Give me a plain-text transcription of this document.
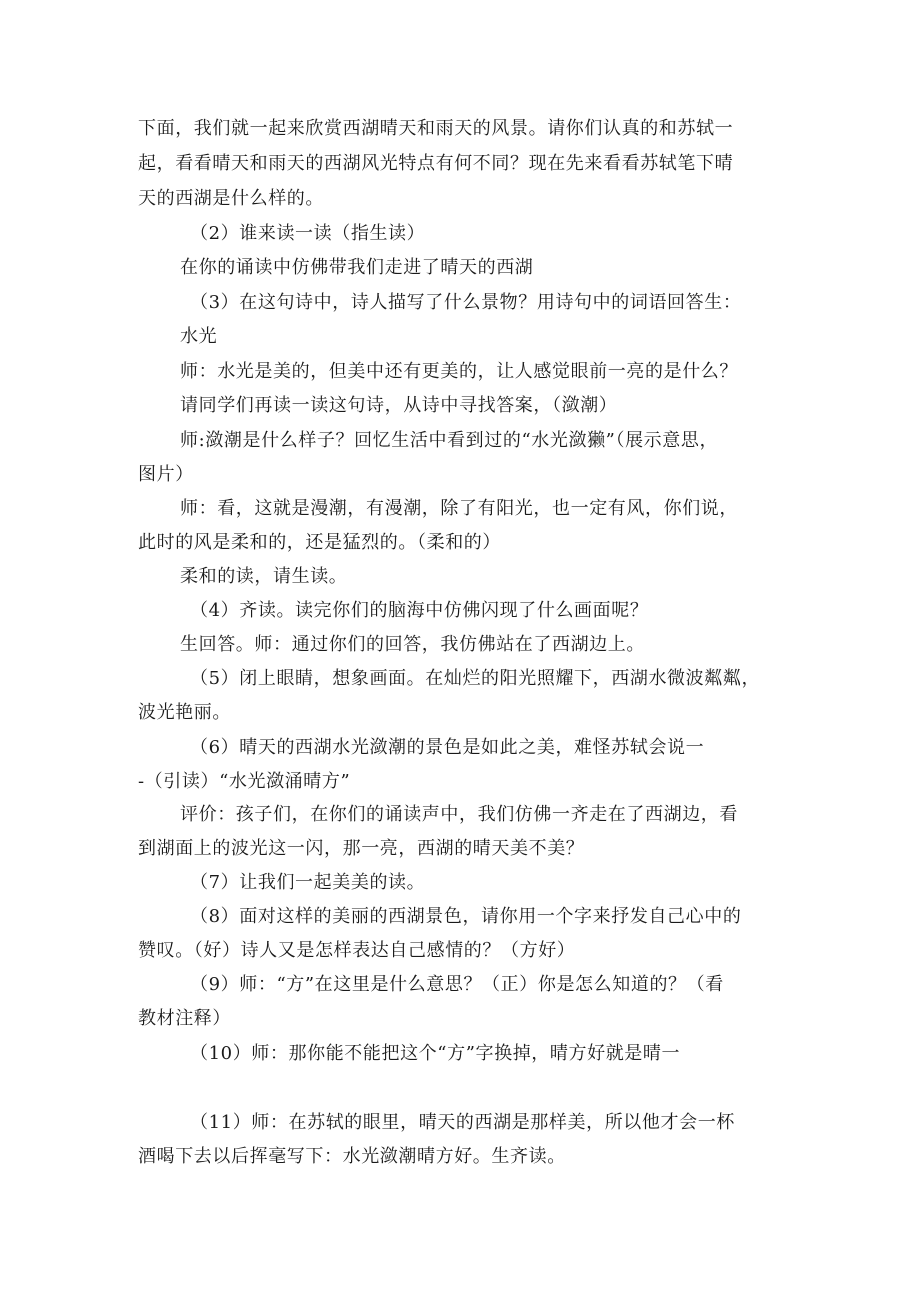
下面，我们就一起来欣赏西湖晴天和雨天的风景。请你们认真的和苏轼一
起，看看晴天和雨天的西湖风光特点有何不同？现在先来看看苏轼笔下晴
天的西湖是什么样的。
（2）谁来读一读（指生读）
在你的诵读中仿佛带我们走进了晴天的西湖
（3）在这句诗中，诗人描写了什么景物？用诗句中的词语回答生：
水光
师：水光是美的，但美中还有更美的，让人感觉眼前一亮的是什么？
请同学们再读一读这句诗，从诗中寻找答案，（潋潮）
师:潋潮是什么样子？回忆生活中看到过的“水光潋獭”（展示意思，
图片）
师：看，这就是漫潮，有漫潮，除了有阳光，也一定有风，你们说，
此时的风是柔和的，还是猛烈的。（柔和的）
柔和的读，请生读。
（4）齐读。读完你们的脑海中仿佛闪现了什么画面呢？
生回答。师：通过你们的回答，我仿佛站在了西湖边上。
（5）闭上眼睛，想象画面。在灿烂的阳光照耀下，西湖水微波粼粼，
波光艳丽。
（6）晴天的西湖水光潋潮的景色是如此之美，难怪苏轼会说一
-（引读）“水光潋涌晴方”
评价：孩子们，在你们的诵读声中，我们仿佛一齐走在了西湖边，看
到湖面上的波光这一闪，那一亮，西湖的晴天美不美？
（7）让我们一起美美的读。
（8）面对这样的美丽的西湖景色，请你用一个字来抒发自己心中的
赞叹。（好）诗人又是怎样表达自己感情的？（方好）
（9）师：“方”在这里是什么意思？（正）你是怎么知道的？（看
教材注释）
（10）师：那你能不能把这个“方”字换掉，晴方好就是晴一
（11）师：在苏轼的眼里，晴天的西湖是那样美，所以他才会一杯
酒喝下去以后挥毫写下：水光潋潮晴方好。生齐读。
